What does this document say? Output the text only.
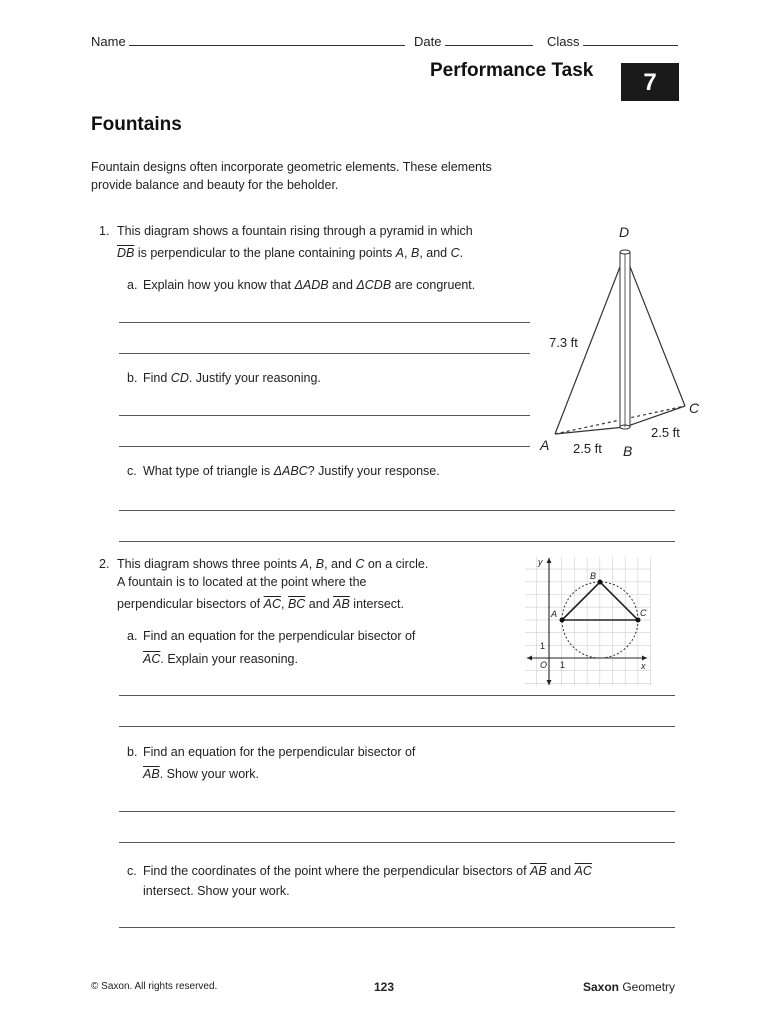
Name	Date	Class
Performance Task	7
Fountains
Fountain designs often incorporate geometric elements. These elements
provide balance and beauty for the beholder.
1. This diagram shows a fountain rising through a pyramid in which
$\overline{DB}$ is perpendicular to the plane containing points A, B, and C.
a. Explain how you know that ΔADB and ΔCDB are congruent.
b. Find CD. Justify your reasoning.
c. What type of triangle is ΔABC? Justify your response.
D
A	B
C
7.3 ft
2.5 ft
2.5 ft
2. This diagram shows three points A, B, and C on a circle.
A fountain is to located at the point where the
perpendicular bisectors of $\overline{AC}$, $\overline{BC}$ and $\overline{AB}$ intersect.
a. Find an equation for the perpendicular bisector of
$\overline{AC}$. Explain your reasoning.
b. Find an equation for the perpendicular bisector of
$\overline{AB}$. Show your work.
c. Find the coordinates of the point where the perpendicular bisectors of $\overline{AB}$ and $\overline{AC}$
intersect. Show your work.
A
B
C
y
x
O 1
1
© Saxon. All rights reserved.	123	Saxon Geometry
